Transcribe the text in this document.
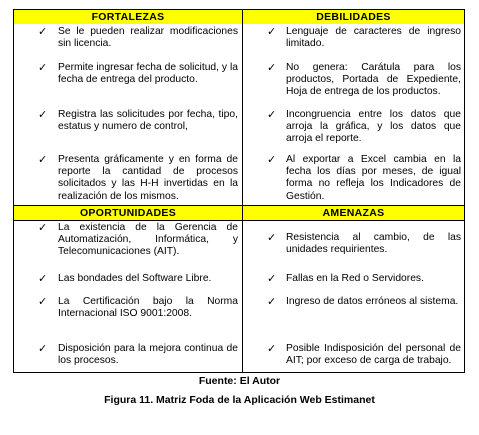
FORTALEZAS	DEBILIDADES
OPORTUNIDADES	AMENAZAS
✓ Se le pueden realizar modificaciones sin licencia.
✓ Permite ingresar fecha de solicitud, y la fecha de entrega del producto.
✓ Registra las solicitudes por fecha, tipo, estatus y numero de control,
✓ Presenta gráficamente y en forma de reporte la cantidad de procesos solicitados y las H-H invertidas en la realización de los mismos.
✓ Lenguaje de caracteres de ingreso limitado.
✓ No genera: Carátula para los productos, Portada de Expediente, Hoja de entrega de los productos.
✓ Incongruencia entre los datos que arroja la gráfica, y los datos que arroja el reporte.
✓ Al exportar a Excel cambia en la fecha los días por meses, de igual forma no refleja los Indicadores de Gestión.
✓ La existencia de la Gerencia de Automatización, Informática, y Telecomunicaciones (AIT).
✓ Las bondades del Software Libre.
✓ La Certificación bajo la Norma Internacional ISO 9001:2008.
✓ Disposición para la mejora continua de los procesos.
✓ Resistencia al cambio, de las unidades requirientes.
✓ Fallas en la Red o Servidores.
✓ Ingreso de datos erróneos al sistema.
✓ Posible Indisposición del personal de AIT; por exceso de carga de trabajo.
Fuente: El Autor
Figura 11. Matriz Foda de la Aplicación Web Estimanet
